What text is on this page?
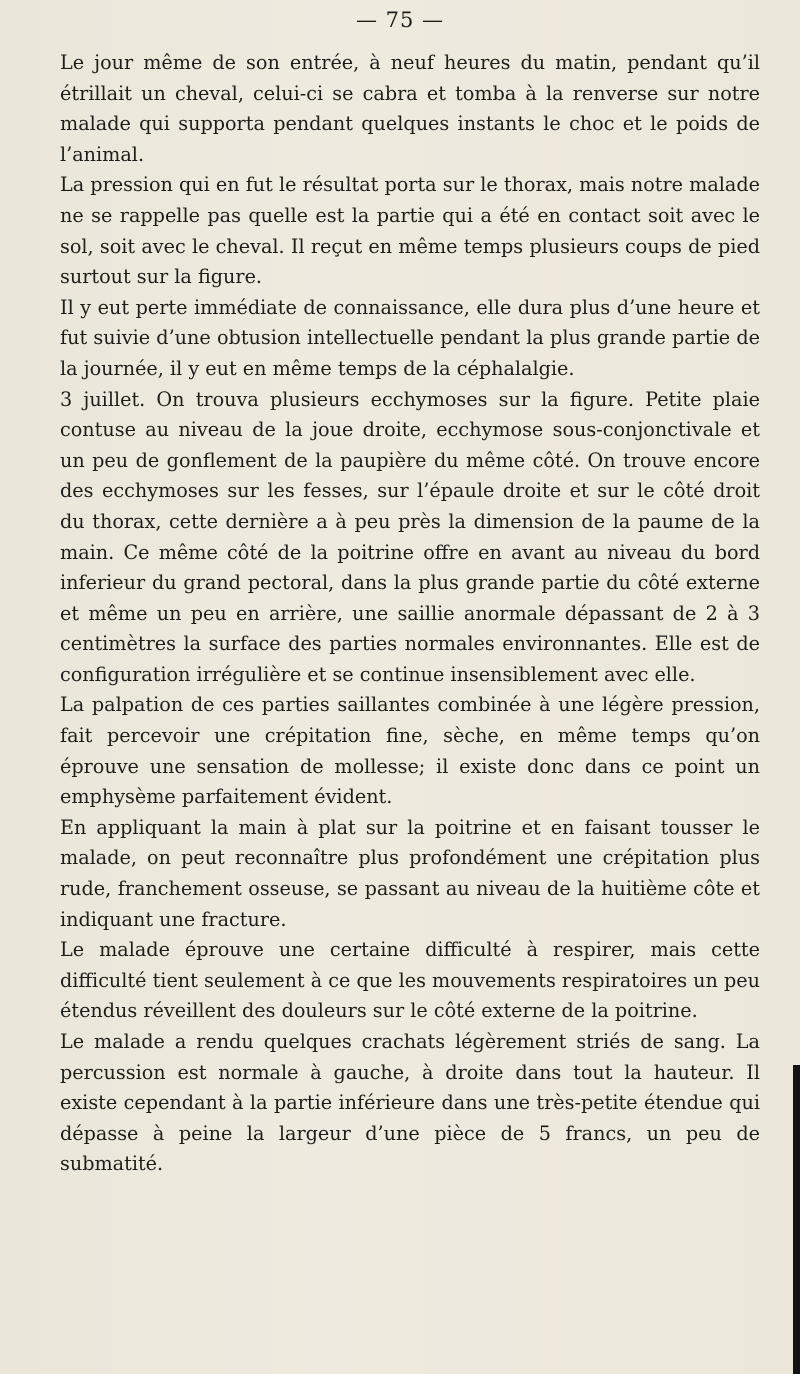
— 75 —

Le jour même de son entrée, à neuf heures du matin, pendant qu’il étrillait un cheval, celui-ci se cabra et tomba à la renverse sur notre malade qui supporta pendant quelques instants le choc et le poids de l’animal.

La pression qui en fut le résultat porta sur le thorax, mais notre malade ne se rappelle pas quelle est la partie qui a été en contact soit avec le sol, soit avec le cheval. Il reçut en même temps plusieurs coups de pied surtout sur la figure.

Il y eut perte immédiate de connaissance, elle dura plus d’une heure et fut suivie d’une obtusion intellectuelle pendant la plus grande partie de la journée, il y eut en même temps de la céphalalgie.

3 juillet. On trouva plusieurs ecchymoses sur la figure. Petite plaie contuse au niveau de la joue droite, ecchymose sous-conjonctivale et un peu de gonflement de la paupière du même côté. On trouve encore des ecchymoses sur les fesses, sur l’épaule droite et sur le côté droit du thorax, cette dernière a à peu près la dimension de la paume de la main. Ce même côté de la poitrine offre en avant au niveau du bord inferieur du grand pectoral, dans la plus grande partie du côté externe et même un peu en arrière, une saillie anormale dépassant de 2 à 3 centimètres la surface des parties normales environnantes. Elle est de configuration irrégulière et se continue insensiblement avec elle.

La palpation de ces parties saillantes combinée à une légère pression, fait percevoir une crépitation fine, sèche, en même temps qu’on éprouve une sensation de mollesse; il existe donc dans ce point un emphysème parfaitement évident.

En appliquant la main à plat sur la poitrine et en faisant tousser le malade, on peut reconnaître plus profondément une crépitation plus rude, franchement osseuse, se passant au niveau de la huitième côte et indiquant une fracture.

Le malade éprouve une certaine difficulté à respirer, mais cette difficulté tient seulement à ce que les mouvements respiratoires un peu étendus réveillent des douleurs sur le côté externe de la poitrine.

Le malade a rendu quelques crachats légèrement striés de sang. La percussion est normale à gauche, à droite dans tout la hauteur. Il existe cependant à la partie inférieure dans une très-petite étendue qui dépasse à peine la largeur d’une pièce de 5 francs, un peu de submatité.
